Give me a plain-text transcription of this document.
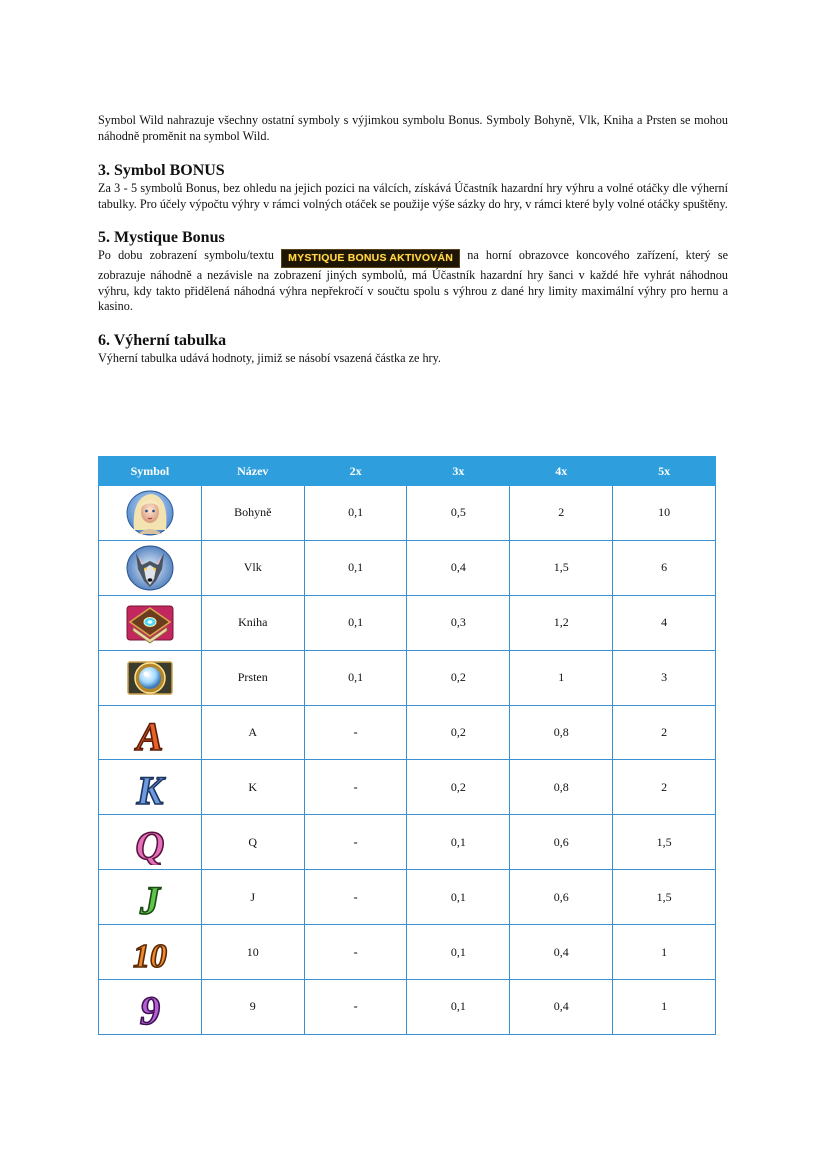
Symbol Wild nahrazuje všechny ostatní symboly s výjimkou symbolu Bonus. Symboly Bohyně, Vlk, Kniha a Prsten se mohou náhodně proměnit na symbol Wild.

3. Symbol BONUS

Za 3 - 5 symbolů Bonus, bez ohledu na jejich pozici na válcích, získává Účastník hazardní hry výhru a volné otáčky dle výherní tabulky. Pro účely výpočtu výhry v rámci volných otáček se použije výše sázky do hry, v rámci které byly volné otáčky spuštěny.

5. Mystique Bonus

Po dobu zobrazení symbolu/textu MYSTIQUE BONUS AKTIVOVÁN na horní obrazovce koncového zařízení, který se zobrazuje náhodně a nezávisle na zobrazení jiných symbolů, má Účastník hazardní hry šanci v každé hře vyhrát náhodnou výhru, kdy takto přidělená náhodná výhra nepřekročí v součtu spolu s výhrou z dané hry limity maximální výhry pro hernu a kasino.

6. Výherní tabulka

Výherní tabulka udává hodnoty, jimiž se násobí vsazená částka ze hry.

Symbol	Název	2x	3x	4x	5x

	Bohyně	0,1	0,5	2	10

	Vlk	0,1	0,4	1,5	6

	Kniha	0,1	0,3	1,2	4

	Prsten	0,1	0,2	1	3

A	A	-	0,2	0,8	2

K	K	-	0,2	0,8	2

Q	Q	-	0,1	0,6	1,5

J	J	-	0,1	0,6	1,5

10	10	-	0,1	0,4	1

9	9	-	0,1	0,4	1
